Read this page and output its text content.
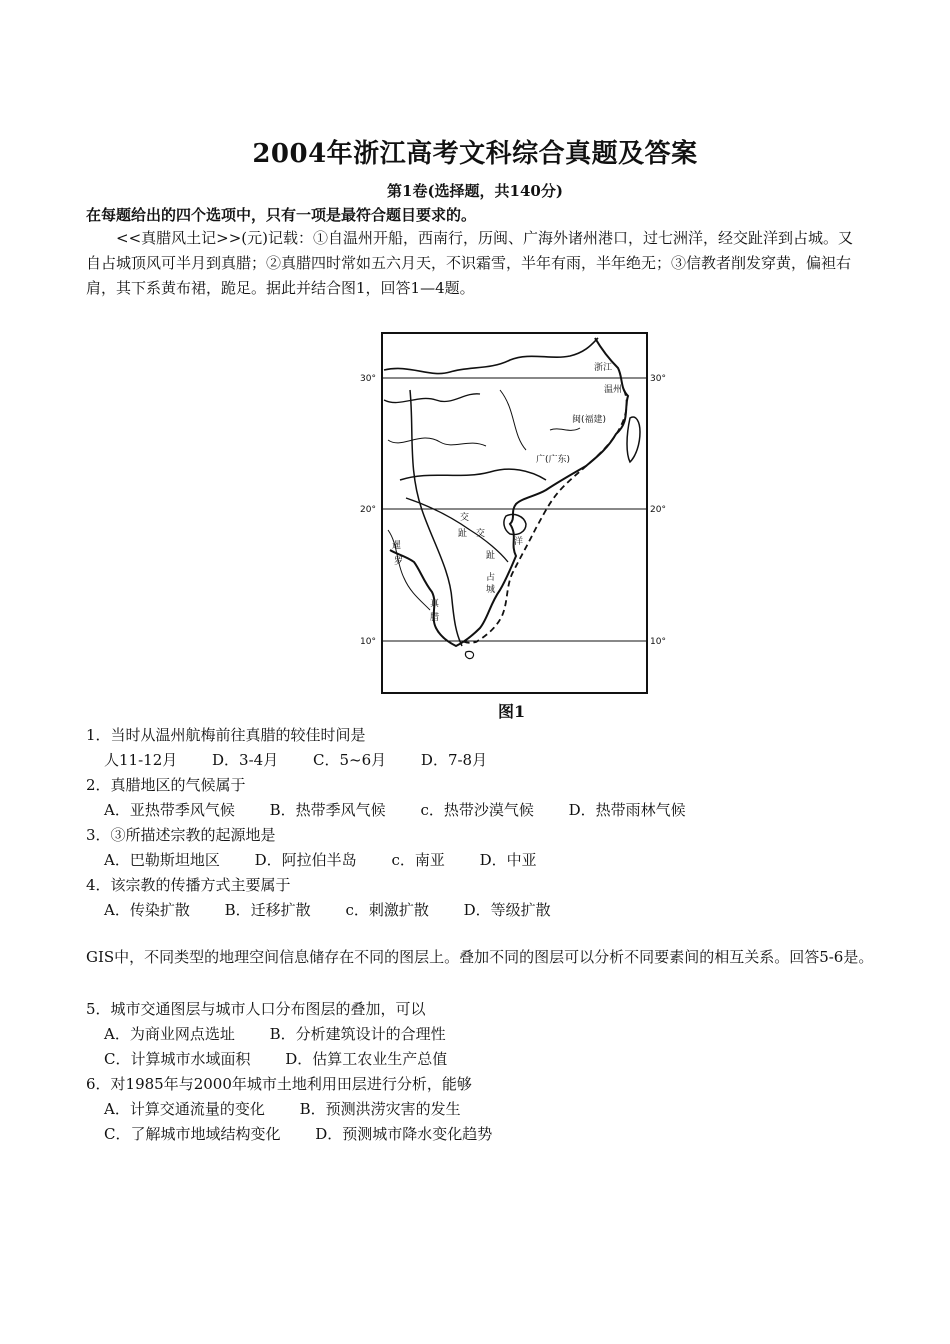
2004年浙江高考文科综合真题及答案
第1卷(选择题，共140分)
在每题给出的四个选项中，只有一项是最符合题目要求的。
<<真腊风土记>>(元)记载：①自温州开船，西南行，历闽、广海外诸州港口，过七洲洋，经交趾洋到占城。又自占城顶风可半月到真腊；②真腊四时常如五六月天，不识霜雪，半年有雨，半年绝无；③信教者削发穿黄，偏袒右肩，其下系黄布裙，跪足。据此并结合图1，回答1—4题。
30°	30°
20°	20°
10°	10°
浙江
温州
闽(福建)
广(广东)
交
趾 交
趾
洋
占
城
暹
罗
真
腊
图1
1．当时从温州航梅前往真腊的较佳时间是
人11-12月 D．3-4月 C．5~6月 D．7-8月
2．真腊地区的气候属于
A．亚热带季风气候 B．热带季风气候 c．热带沙漠气候 D．热带雨林气候
3．③所描述宗教的起源地是
A．巴勒斯坦地区 D．阿拉伯半岛 c．南亚 D．中亚
4．该宗教的传播方式主要属于
A．传染扩散 B．迁移扩散 c．刺激扩散 D．等级扩散
GIS中，不同类型的地理空间信息储存在不同的图层上。叠加不同的图层可以分析不同要素间的相互关系。回答5-6是。
5．城市交通图层与城市人口分布图层的叠加，可以
A．为商业网点选址 B．分析建筑设计的合理性
C．计算城市水域面积 D．估算工农业生产总值
6．对1985年与2000年城市土地利用田层进行分析，能够
A．计算交通流量的变化 B．预测洪涝灾害的发生
C．了解城市地域结构变化 D．预测城市降水变化趋势
